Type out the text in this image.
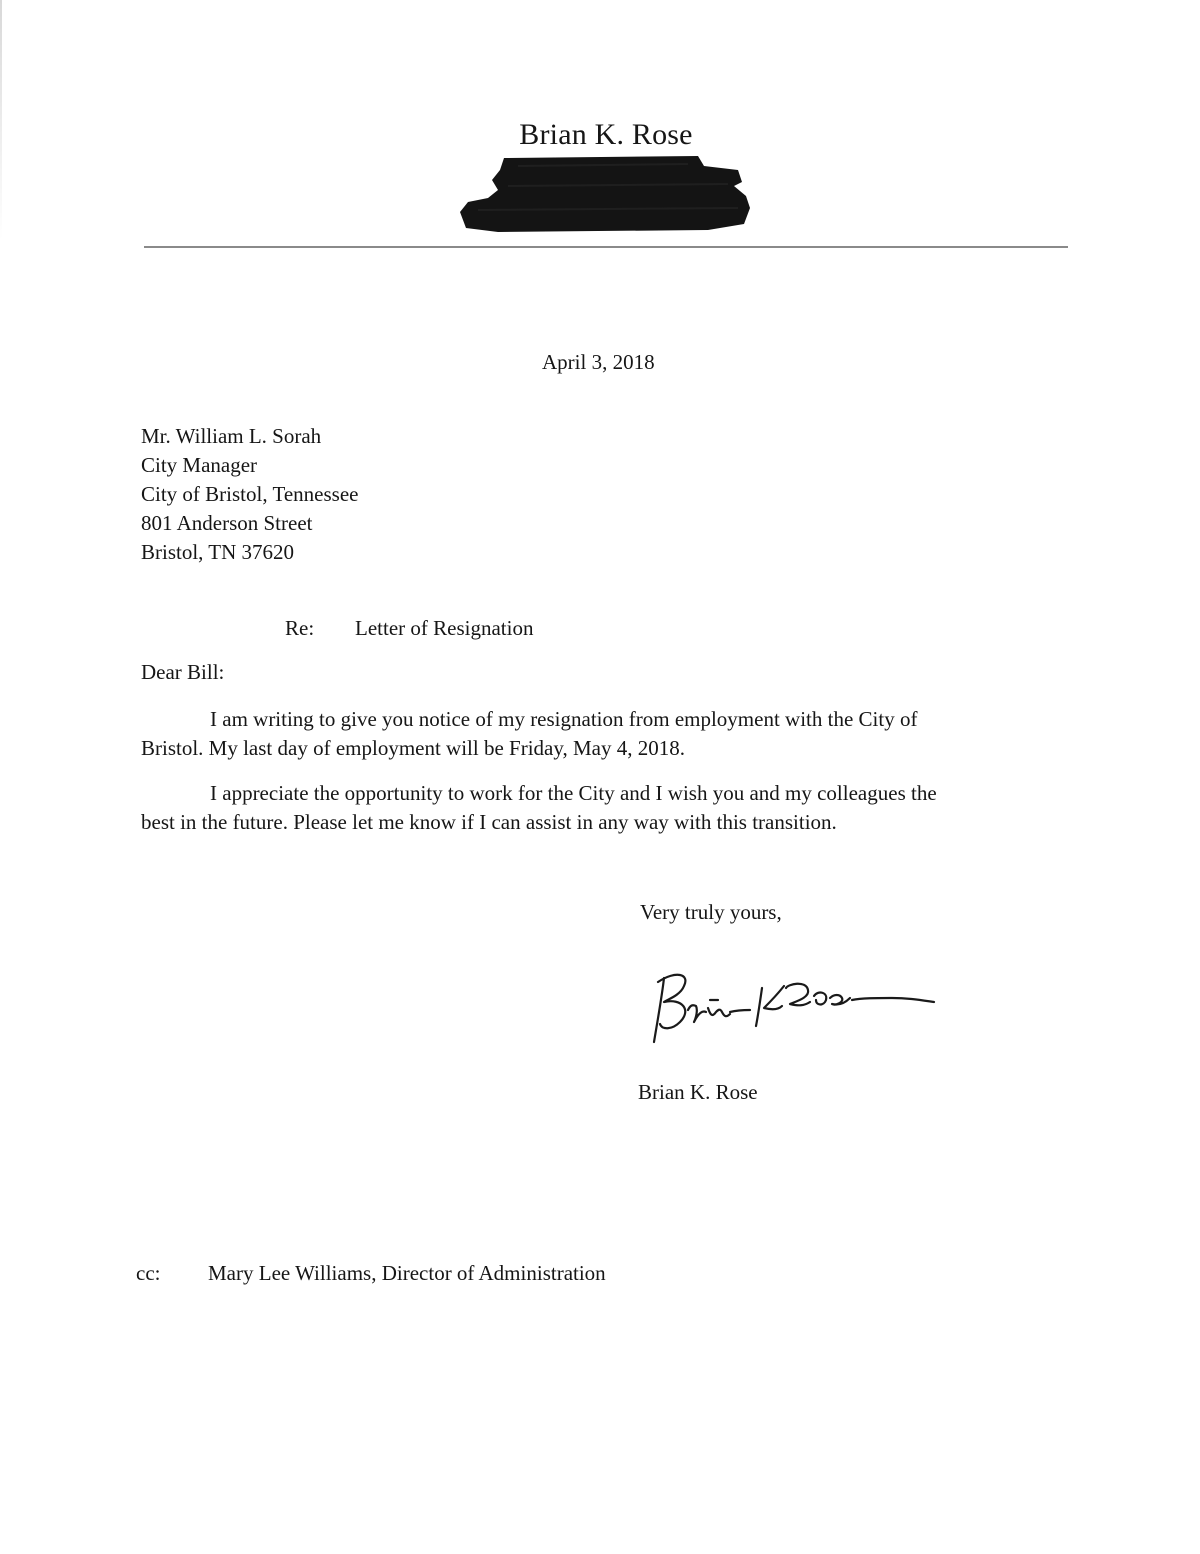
Brian K. Rose
April 3, 2018
Mr. William L. Sorah
City Manager
City of Bristol, Tennessee
801 Anderson Street
Bristol, TN 37620
Re: Letter of Resignation
Dear Bill:
I am writing to give you notice of my resignation from employment with the City of
Bristol. My last day of employment will be Friday, May 4, 2018.
I appreciate the opportunity to work for the City and I wish you and my colleagues the
best in the future. Please let me know if I can assist in any way with this transition.
Very truly yours,
Brian K. Rose
cc: Mary Lee Williams, Director of Administration
